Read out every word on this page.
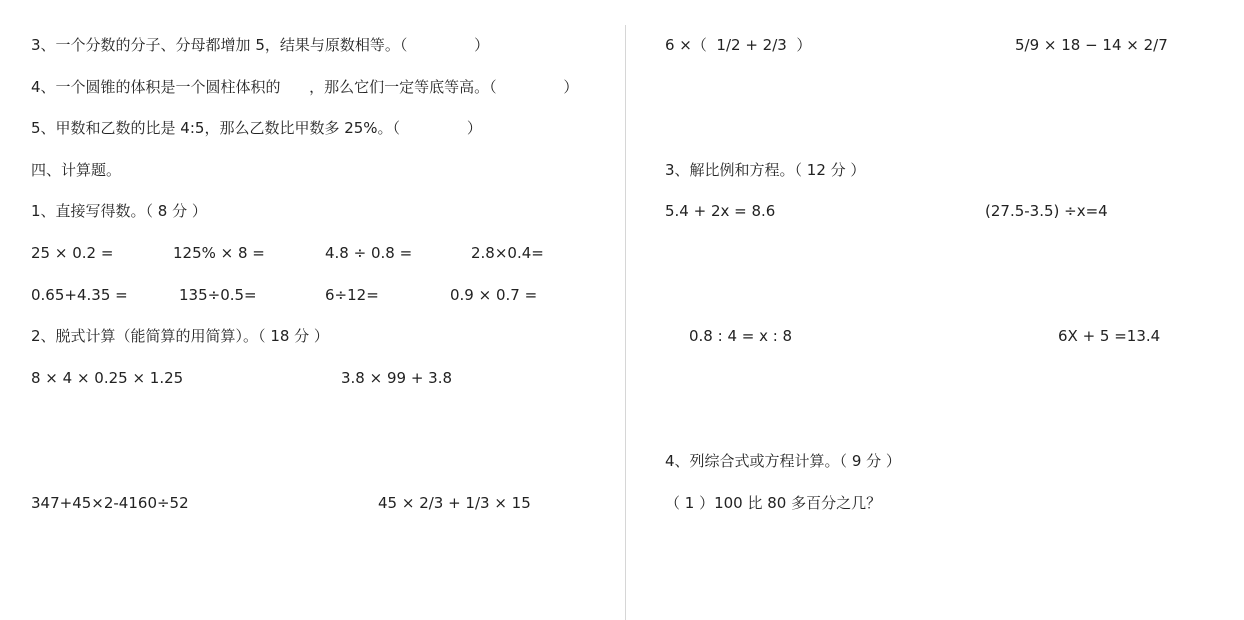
3、一个分数的分子、分母都增加 5，结果与原数相等。（              ）
4、一个圆锥的体积是一个圆柱体积的      ，那么它们一定等底等高。（              ）
5、甲数和乙数的比是 4:5，那么乙数比甲数多 25%。（              ）
四、计算题。
1、直接写得数。（ 8 分 ）
25 × 0.2 =	125% × 8 =	4.8 ÷ 0.8 =	2.8×0.4=
0.65+4.35 =	135÷0.5=	6÷12=	0.9 × 0.7 =
2、脱式计算（能简算的用简算）。（ 18 分 ）
8 × 4 × 0.25 × 1.25	3.8 × 99 + 3.8
347+45×2-4160÷52	45 × 2/3 + 1/3 × 15
6 ×（  1/2 + 2/3  ）	5/9 × 18 − 14 × 2/7
3、解比例和方程。（ 12 分 ）
5.4 + 2x = 8.6	(27.5-3.5) ÷x=4
0.8 : 4 = x : 8	6X + 5 =13.4
4、列综合式或方程计算。（ 9 分 ）
（ 1 ）100 比 80 多百分之几？
